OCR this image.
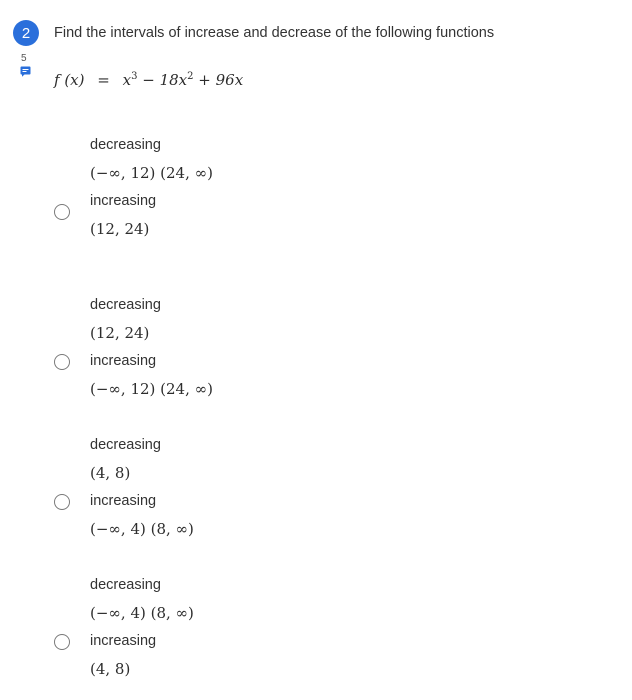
2
5
Find the intervals of increase and decrease of the following functions
f $(x) = x^3 - 18x^2 + 96x$
decreasing
(−∞, 12) (24, ∞)
increasing
(12, 24)
decreasing
(12, 24)
increasing
(−∞, 12) (24, ∞)
decreasing
(4, 8)
increasing
(−∞, 4) (8, ∞)
decreasing
(−∞, 4) (8, ∞)
increasing
(4, 8)
